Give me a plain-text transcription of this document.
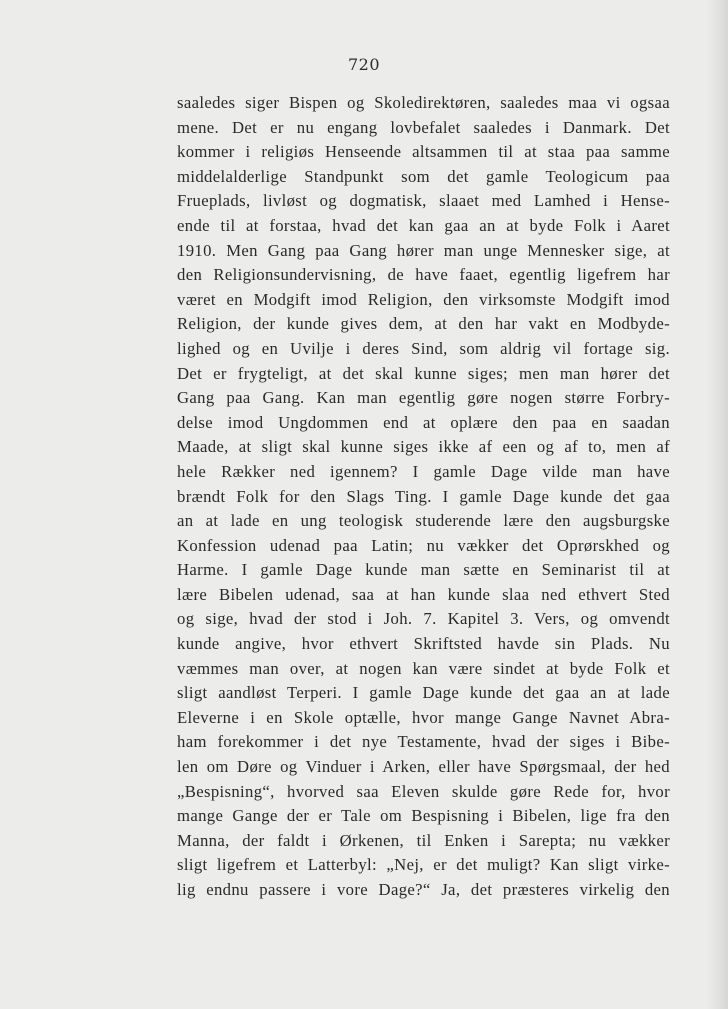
720
saaledes siger Bispen og Skoledirektøren, saaledes maa vi ogsaa
mene. Det er nu engang lovbefalet saaledes i Danmark. Det
kommer i religiøs Henseende altsammen til at staa paa samme
middelalderlige Standpunkt som det gamle Teologicum paa
Frueplads, livløst og dogmatisk, slaaet med Lamhed i Hense-
ende til at forstaa, hvad det kan gaa an at byde Folk i Aaret
1910. Men Gang paa Gang hører man unge Mennesker sige, at
den Religionsundervisning, de have faaet, egentlig ligefrem har
været en Modgift imod Religion, den virksomste Modgift imod
Religion, der kunde gives dem, at den har vakt en Modbyde-
lighed og en Uvilje i deres Sind, som aldrig vil fortage sig.
Det er frygteligt, at det skal kunne siges; men man hører det
Gang paa Gang. Kan man egentlig gøre nogen større Forbry-
delse imod Ungdommen end at oplære den paa en saadan
Maade, at sligt skal kunne siges ikke af een og af to, men af
hele Rækker ned igennem? I gamle Dage vilde man have
brændt Folk for den Slags Ting. I gamle Dage kunde det gaa
an at lade en ung teologisk studerende lære den augsburgske
Konfession udenad paa Latin; nu vækker det Oprørskhed og
Harme. I gamle Dage kunde man sætte en Seminarist til at
lære Bibelen udenad, saa at han kunde slaa ned ethvert Sted
og sige, hvad der stod i Joh. 7. Kapitel 3. Vers, og omvendt
kunde angive, hvor ethvert Skriftsted havde sin Plads. Nu
væmmes man over, at nogen kan være sindet at byde Folk et
sligt aandløst Terperi. I gamle Dage kunde det gaa an at lade
Eleverne i en Skole optælle, hvor mange Gange Navnet Abra-
ham forekommer i det nye Testamente, hvad der siges i Bibe-
len om Døre og Vinduer i Arken, eller have Spørgsmaal, der hed
„Bespisning“, hvorved saa Eleven skulde gøre Rede for, hvor
mange Gange der er Tale om Bespisning i Bibelen, lige fra den
Manna, der faldt i Ørkenen, til Enken i Sarepta; nu vækker
sligt ligefrem et Latterbyl: „Nej, er det muligt? Kan sligt virke-
lig endnu passere i vore Dage?“ Ja, det præsteres virkelig den
